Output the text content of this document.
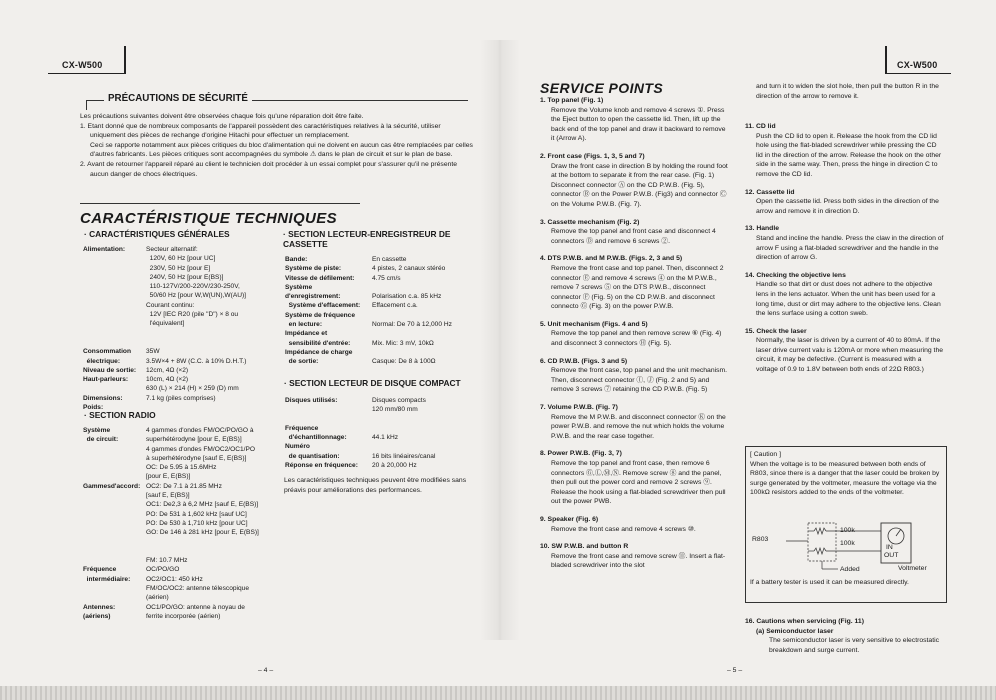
CX-W500
PRÉCAUTIONS DE SÉCURITÉ
Les précautions suivantes doivent être observées chaque fois qu'une réparation doit être faite.
1. Etant donné que de nombreux composants de l'appareil possèdent des caractéristiques relatives à la sécurité, utiliser uniquement des pièces de rechange d'origine Hitachi pour effectuer un remplacement.
Ceci se rapporte notamment aux pièces critiques du bloc d'alimentation qui ne doivent en aucun cas être remplacées par celles d'autres fabricants. Les pièces critiques sont accompagnées du symbole ⚠ dans le plan de circuit et sur le plan de base.
2. Avant de retourner l'appareil réparé au client le technicien doit procéder à un essai complet pour s'assurer qu'il ne présente aucun danger de chocs électriques.
CARACTÉRISTIQUE TECHNIQUES
· CARACTÉRISTIQUES GÉNÉRALES
Alimentation:

Consommation
électrique:
Niveau de sortie:
Haut-parleurs:

Dimensions:
Poids:
Secteur alternatif:
120V, 60 Hz [pour UC]
230V, 50 Hz [pour E]
240V, 50 Hz [pour E(BS)]
110-127V/200-220V/230-250V,
50/60 Hz [pour W,W(UN),W(AU)]
Courant continu:
12V [IEC R20 (pile "D") × 8 ou
l'équivalent]

35W
3.5W×4 + 8W (C.C. à 10% D.H.T.)
12cm, 4Ω (×2)
10cm, 4Ω (×2)
630 (L) × 214 (H) × 259 (D) mm
7.1 kg (piles comprises)
· SECTION RADIO
Système
de circuit:

Gammesd'accord:

Fréquence
intermédiaire:

Antennes:
(aériens)
4 gammes d'ondes FM/OC/PO/GO à
superhétérodyne [pour E, E(BS)]
4 gammes d'ondes FM/OC2/OC1/PO
à superhétérodyne [sauf E, E(BS)]
OC: De 5.95 à 15.6MHz
[pour E, E(BS)]
OC2: De 7.1 à 21.85 MHz
[sauf E, E(BS)]
OC1: De2,3 à 6,2 MHz [sauf E, E(BS)]
PO: De 531 à 1,602 kHz [sauf UC]
PO: De 530 à 1,710 kHz [pour UC]
GO: De 146 à 281 kHz [pour E, E(BS)]

FM: 10.7 MHz
OC/PO/GO
OC2/OC1: 450 kHz
FM/OC/OC2: antenne télescopique
(aérien)
OC1/PO/GO: antenne à noyau de
ferrite incorporée (aérien)
· SECTION LECTEUR-ENREGISTREUR DE CASSETTE
Bande:
Système de piste:
Vitesse de défilement:
Système
d'enregistrement:
Système d'effacement:
Système de fréquence
en lecture:
Impédance et
sensibilité d'entrée:
Impédance de charge
de sortie:
En cassette
4 pistes, 2 canaux stéréo
4.75 cm/s

Polarisation c.a. 85 kHz
Effacement c.a.

Normal: De 70 à 12,000 Hz

Mix. Mic: 3 mV, 10kΩ

Casque: De 8 à 100Ω
· SECTION LECTEUR DE DISQUE COMPACT
Disques utilisés:

Fréquence
d'échantillonnage:
Numéro
de quantisation:
Réponse en fréquence:
Disques compacts
120 mm/80 mm

44.1 kHz

16 bits linéaires/canal
20 à 20,000 Hz
Les caractéristiques techniques peuvent être modifiées sans préavis pour améliorations des performances.
– 4 –
CX-W500
SERVICE POINTS
1. Top panel (Fig. 1)
Remove the Volume knob and remove 4 screws ①. Press the Eject button to open the cassette lid. Then, lift up the back end of the top panel and draw it backward to remove it (Arrow A).
2. Front case (Figs. 1, 3, 5 and 7)
Draw the front case in direction B by holding the round foot at the bottom to separate it from the rear case. (Fig. 1) Disconnect connector Ⓐ on the CD P.W.B. (Fig. 5), connector Ⓑ on the Power P.W.B. (Fig3) and connector Ⓒ on the Volume P.W.B. (Fig. 7).
3. Cassette mechanism (Fig. 2)
Remove the top panel and front case and disconnect 4 connectors Ⓓ and remove 6 screws ②.
4. DTS P.W.B. and M P.W.B. (Figs. 2, 3 and 5)
Remove the front case and top panel. Then, disconnect 2 connector Ⓔ and remove 4 screws ④ on the M P.W.B., remove 7 screws ⑤ on the DTS P.W.B., disconnect connector Ⓕ (Fig. 5) on the CD P.W.B. and disconnect connecto Ⓖ (Fig. 3) on the power P.W.B.
5. Unit mechanism (Figs. 4 and 5)
Remove the top panel and then remove screw ⑥ (Fig. 4) and disconnect 3 connectors Ⓗ (Fig. 5).
6. CD P.W.B. (Figs. 3 and 5)
Remove the front case, top panel and the unit mechanism. Then, disconnect connector Ⓘ, Ⓙ (Fig. 2 and 5) and remove 3 screws ⑦ retaining the CD P.W.B. (Fig. 5)
7. Volume P.W.B. (Fig. 7)
Remove the M P.W.B. and disconnect connector Ⓚ on the power P.W.B. and remove the nut which holds the volume P.W.B. and the rear case together.
8. Power P.W.B. (Fig. 3, 7)
Remove the top panel and front case, then remove 6 connectors Ⓖ,Ⓛ,Ⓜ,Ⓝ. Remove screw ⑧ and the panel, then pull out the power cord and remove 2 screws ⑨. Release the hook using a flat-bladed screwdriver then pull out the power PWB.
9. Speaker (Fig. 6)
Remove the front case and remove 4 screws ⑩.
10. SW P.W.B. and button R
Remove the front case and remove screw ⑪. Insert a flat-bladed screwdriver into the slot
and turn it to widen the slot hole, then pull the button R in the direction of the arrow to remove it.
11. CD lid
Push the CD lid to open it. Release the hook from the CD lid hole using the flat-bladed screwdriver while pressing the CD lid in the direction of the arrow. Release the hook on the other side in the same way. Then, press the hinge in direction C to remove the CD lid.
12. Cassette lid
Open the cassette lid. Press both sides in the direction of the arrow and remove it in direction D.
13. Handle
Stand and incline the handle. Press the claw in the direction of arrow F using a flat-bladed screwdriver and the handle in the direction of arrow G.
14. Checking the objective lens
Handle so that dirt or dust does not adhere to the objective lens in the lens actuator. When the unit has been used for a long time, dust or dirt may adhere to the objective lens. Clean the lens surface using a cotton sweb.
15. Check the laser
Normally, the laser is driven by a current of 40 to 80mA. If the laser drive current valu is 120mA or more when measuring the circuit, it may be defective. (Current is measured with a voltage of 0.9 to 1.8V between both ends of 22Ω R803.)
[ Caution ]
When the voltage is to be measured between both ends of R803, since there is a danger that the laser could be broken by surge generated by the voltmeter, measure the voltage via the 100kΩ resistors added to the ends of the voltmeter.
R803
100k
100k
IN
OUT
Added	Voltmeter
If a battery tester is used it can be measured directly.
16. Cautions when servicing (Fig. 11)
(a) Semiconductor laser
The semiconductor laser is very sensitive to electrostatic breakdown and surge current.
– 5 –
